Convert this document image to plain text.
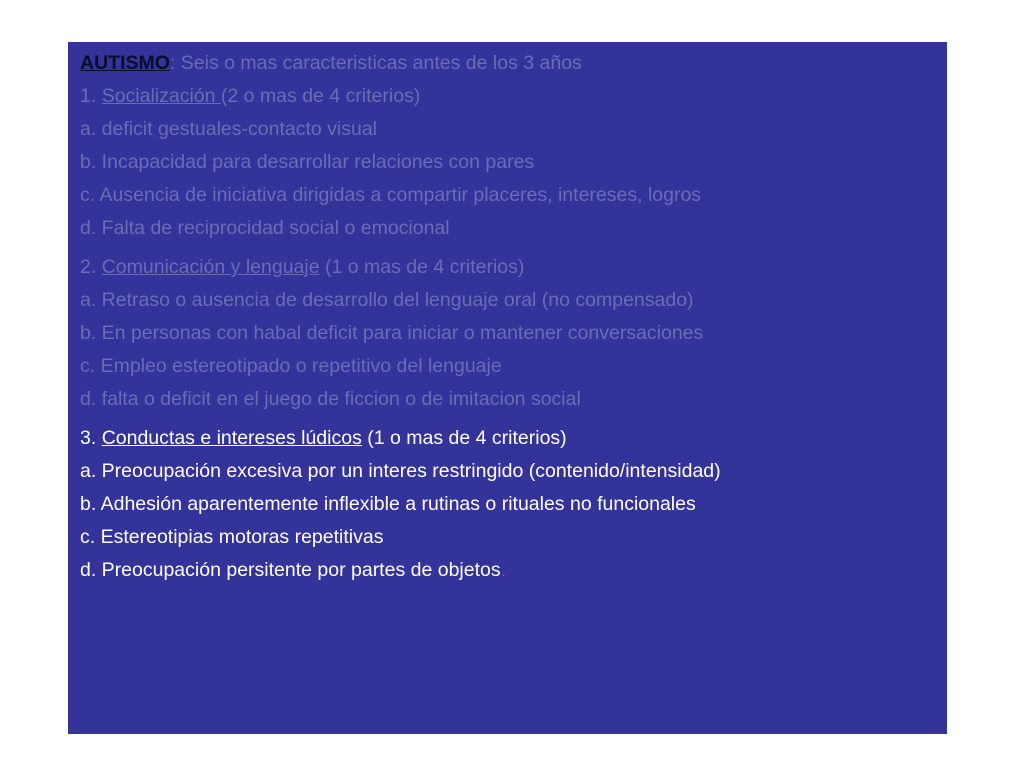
AUTISMO: Seis o mas caracteristicas antes de los 3 años

1. Socialización (2 o mas de 4 criterios)

a. deficit gestuales-contacto visual

b. Incapacidad para desarrollar relaciones con pares

c. Ausencia de iniciativa dirigidas a compartir placeres, intereses, logros

d. Falta de reciprocidad social o emocional

2. Comunicación y lenguaje (1 o mas de 4 criterios)

a. Retraso o ausencia de desarrollo del lenguaje oral (no compensado)

b. En personas con habal deficit para iniciar o mantener conversaciones

c. Empleo estereotipado o repetitivo del lenguaje

d. falta o deficit en el juego de ficcion o de imitacion social

3. Conductas e intereses lúdicos (1 o mas de 4 criterios)

a. Preocupación excesiva por un interes restringido (contenido/intensidad)

b. Adhesión aparentemente inflexible a rutinas o rituales no funcionales

c. Estereotipias motoras repetitivas

d. Preocupación persitente por partes de objetos.
